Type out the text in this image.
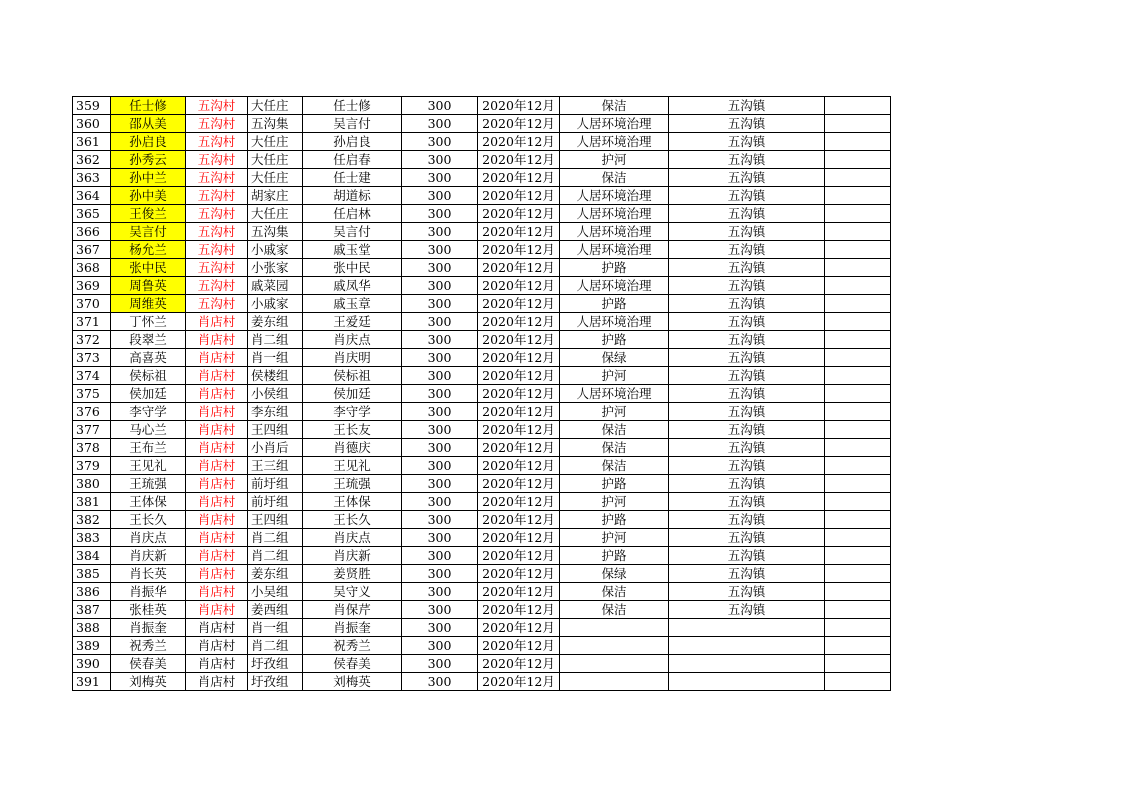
359	任士修	五沟村	大任庄	任士修	300	2020年12月	保洁	五沟镇	
360	邵从美	五沟村	五沟集	吴言付	300	2020年12月	人居环境治理	五沟镇	
361	孙启良	五沟村	大任庄	孙启良	300	2020年12月	人居环境治理	五沟镇	
362	孙秀云	五沟村	大任庄	任启春	300	2020年12月	护河	五沟镇	
363	孙中兰	五沟村	大任庄	任士建	300	2020年12月	保洁	五沟镇	
364	孙中美	五沟村	胡家庄	胡道标	300	2020年12月	人居环境治理	五沟镇	
365	王俊兰	五沟村	大任庄	任启林	300	2020年12月	人居环境治理	五沟镇	
366	吴言付	五沟村	五沟集	吴言付	300	2020年12月	人居环境治理	五沟镇	
367	杨允兰	五沟村	小戚家	戚玉堂	300	2020年12月	人居环境治理	五沟镇	
368	张中民	五沟村	小张家	张中民	300	2020年12月	护路	五沟镇	
369	周鲁英	五沟村	戚菜园	戚凤华	300	2020年12月	人居环境治理	五沟镇	
370	周维英	五沟村	小戚家	戚玉章	300	2020年12月	护路	五沟镇	
371	丁怀兰	肖店村	姜东组	王爱廷	300	2020年12月	人居环境治理	五沟镇	
372	段翠兰	肖店村	肖二组	肖庆点	300	2020年12月	护路	五沟镇	
373	高喜英	肖店村	肖一组	肖庆明	300	2020年12月	保绿	五沟镇	
374	侯标祖	肖店村	侯楼组	侯标祖	300	2020年12月	护河	五沟镇	
375	侯加廷	肖店村	小侯组	侯加廷	300	2020年12月	人居环境治理	五沟镇	
376	李守学	肖店村	李东组	李守学	300	2020年12月	护河	五沟镇	
377	马心兰	肖店村	王四组	王长友	300	2020年12月	保洁	五沟镇	
378	王布兰	肖店村	小肖后	肖德庆	300	2020年12月	保洁	五沟镇	
379	王见礼	肖店村	王三组	王见礼	300	2020年12月	保洁	五沟镇	
380	王琉强	肖店村	前圩组	王琉强	300	2020年12月	护路	五沟镇	
381	王体保	肖店村	前圩组	王体保	300	2020年12月	护河	五沟镇	
382	王长久	肖店村	王四组	王长久	300	2020年12月	护路	五沟镇	
383	肖庆点	肖店村	肖二组	肖庆点	300	2020年12月	护河	五沟镇	
384	肖庆新	肖店村	肖二组	肖庆新	300	2020年12月	护路	五沟镇	
385	肖长英	肖店村	姜东组	姜贤胜	300	2020年12月	保绿	五沟镇	
386	肖振华	肖店村	小吴组	吴守义	300	2020年12月	保洁	五沟镇	
387	张桂英	肖店村	姜西组	肖保芹	300	2020年12月	保洁	五沟镇	
388	肖振奎	肖店村	肖一组	肖振奎	300	2020年12月			
389	祝秀兰	肖店村	肖二组	祝秀兰	300	2020年12月			
390	侯春美	肖店村	圩孜组	侯春美	300	2020年12月			
391	刘梅英	肖店村	圩孜组	刘梅英	300	2020年12月			
